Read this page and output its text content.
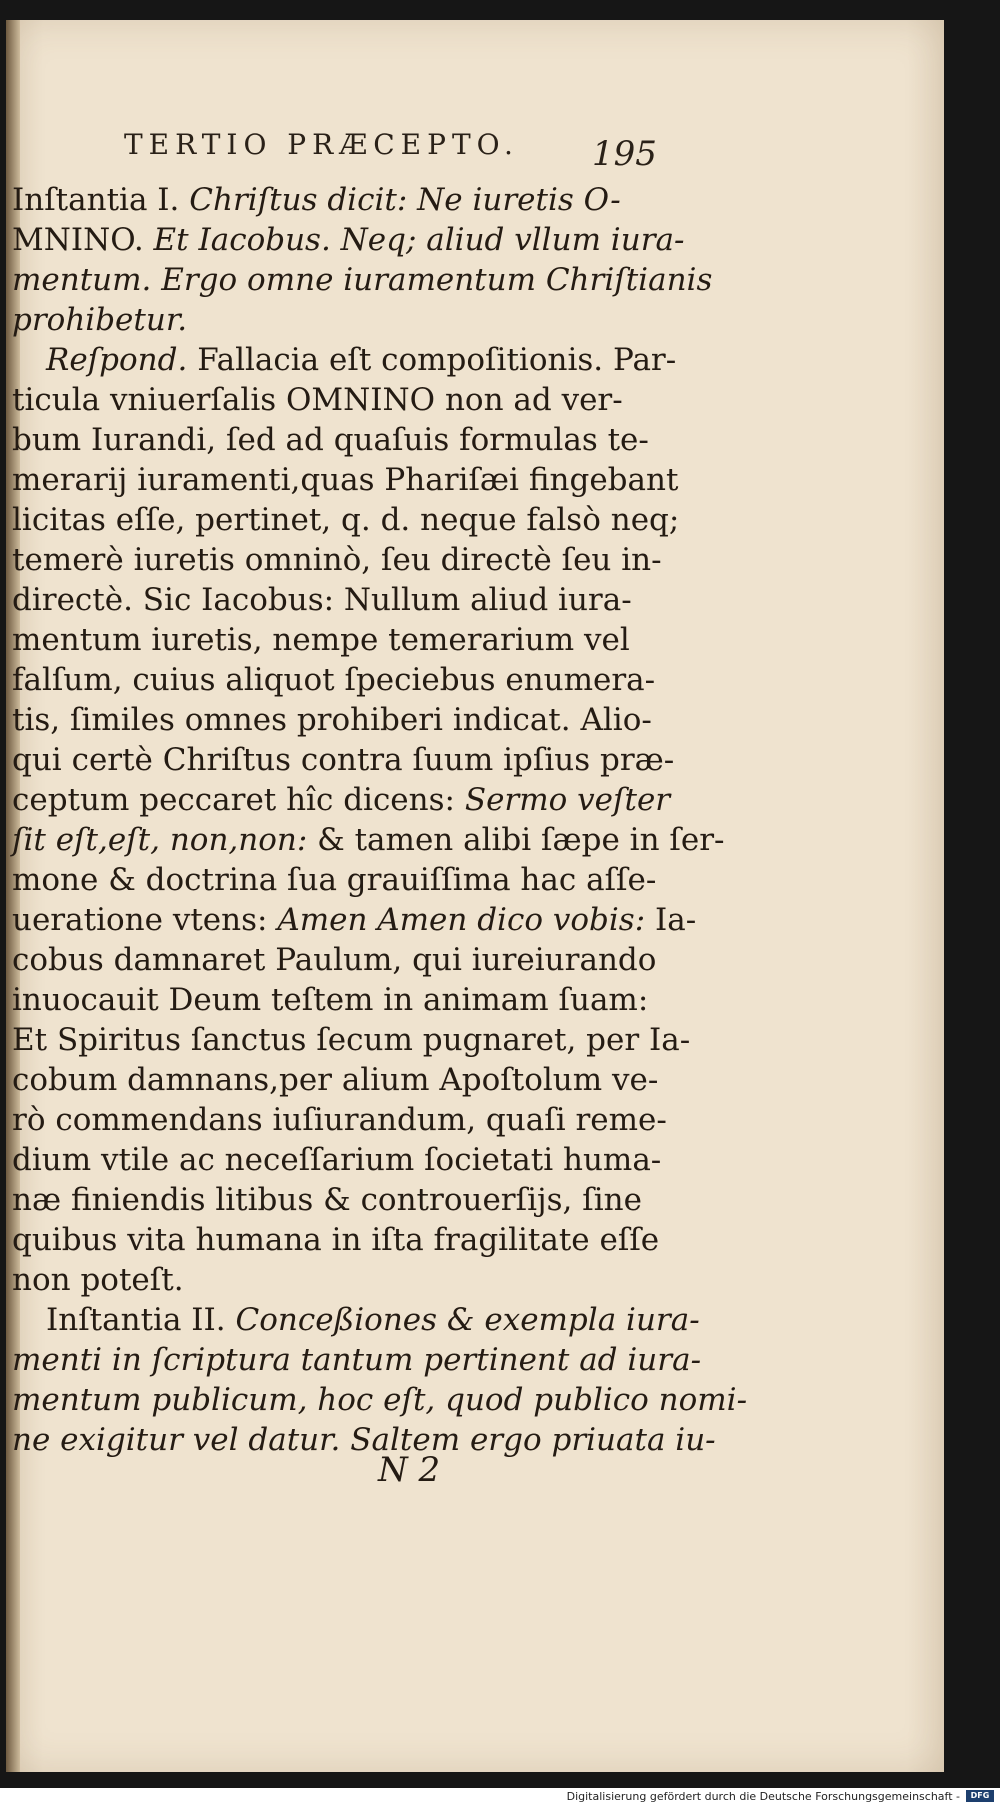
TERTIO PRÆCEPTO.	195
Inſtantia I. Chriſtus dicit: Ne iuretis O-
MNINO. Et Iacobus. Neq; aliud vllum iura-
mentum. Ergo omne iuramentum Chriſtianis
prohibetur.
Reſpond. Fallacia eſt compoſitionis. Par-
ticula vniuerſalis OMNINO non ad ver-
bum Iurandi, ſed ad quaſuis formulas te-
merarij iuramenti,quas Phariſæi fingebant
licitas eſſe, pertinet, q. d. neque falsò neq;
temerè iuretis omninò, ſeu directè ſeu in-
directè. Sic Iacobus: Nullum aliud iura-
mentum iuretis, nempe temerarium vel
falſum, cuius aliquot ſpeciebus enumera-
tis, ſimiles omnes prohiberi indicat. Alio-
qui certè Chriſtus contra ſuum ipſius præ-
ceptum peccaret hîc dicens: Sermo veſter
ſit eſt,eſt, non,non: & tamen alibi ſæpe in ſer-
mone & doctrina ſua grauiſſima hac aſſe-
ueratione vtens: Amen Amen dico vobis: Ia-
cobus damnaret Paulum, qui iureiurando
inuocauit Deum teſtem in animam ſuam:
Et Spiritus ſanctus ſecum pugnaret, per Ia-
cobum damnans,per alium Apoſtolum ve-
rò commendans iuſiurandum, quaſi reme-
dium vtile ac neceſſarium ſocietati huma-
næ finiendis litibus & controuerſijs, ſine
quibus vita humana in iſta fragilitate eſſe
non poteſt.
Inſtantia II. Conceßiones & exempla iura-
menti in ſcriptura tantum pertinent ad iura-
mentum publicum, hoc eſt, quod publico nomi-
ne exigitur vel datur. Saltem ergo priuata iu-
N 2
Digitalisierung gefördert durch die Deutsche Forschungsgemeinschaft -	DFG
